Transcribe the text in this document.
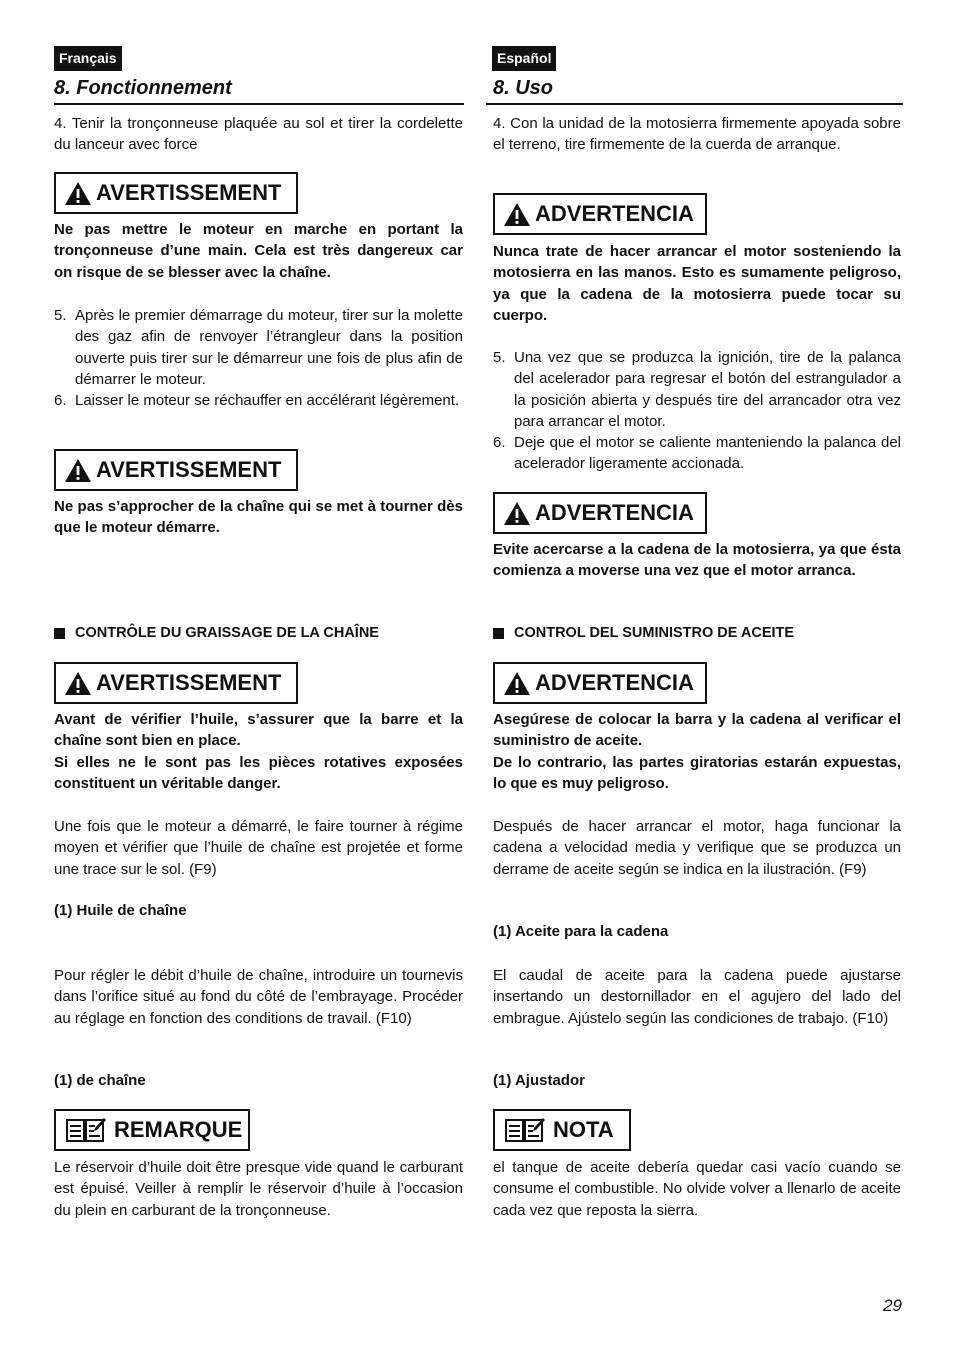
Français	Español
8. Fonctionnement	8. Uso
4. Tenir la tronçonneuse plaquée au sol et tirer la cordelette du lanceur avec force
AVERTISSEMENT
Ne pas mettre le moteur en marche en portant la tronçonneuse d’une main. Cela est très dangereux car on risque de se blesser avec la chaîne.
5. Après le premier démarrage du moteur, tirer sur la molette des gaz afin de renvoyer l’étrangleur dans la position ouverte puis tirer sur le démarreur une fois de plus afin de démarrer le moteur.
6. Laisser le moteur se réchauffer en accélérant légèrement.
AVERTISSEMENT
Ne pas s’approcher de la chaîne qui se met à tourner dès que le moteur démarre.
CONTRÔLE DU GRAISSAGE DE LA CHAÎNE
AVERTISSEMENT
Avant de vérifier l’huile, s’assurer que la barre et la chaîne sont bien en place.
Si elles ne le sont pas les pièces rotatives exposées constituent un véritable danger.
Une fois que le moteur a démarré, le faire tourner à régime moyen et vérifier que l’huile de chaîne est projetée et forme une trace sur le sol. (F9)
(1) Huile de chaîne
Pour régler le débit d’huile de chaîne, introduire un tournevis dans l’orifice situé au fond du côté de l’embrayage. Procéder au réglage en fonction des conditions de travail. (F10)
(1) de chaîne
REMARQUE
Le réservoir d’huile doit être presque vide quand le carburant est épuisé. Veiller à remplir le réservoir d’huile à l’occasion du plein en carburant de la tronçonneuse.
4. Con la unidad de la motosierra firmemente apoyada sobre el terreno, tire firmemente de la cuerda de arranque.
ADVERTENCIA
Nunca trate de hacer arrancar el motor sosteniendo la motosierra en las manos. Esto es sumamente peligroso, ya que la cadena de la motosierra puede tocar su cuerpo.
5. Una vez que se produzca la ignición, tire de la palanca del acelerador para regresar el botón del estrangulador a la posición abierta y después tire del arrancador otra vez para arrancar el motor.
6. Deje que el motor se caliente manteniendo la palanca del acelerador ligeramente accionada.
ADVERTENCIA
Evite acercarse a la cadena de la motosierra, ya que ésta comienza a moverse una vez que el motor arranca.
CONTROL DEL SUMINISTRO DE ACEITE
ADVERTENCIA
Asegúrese de colocar la barra y la cadena al verificar el suministro de aceite.
De lo contrario, las partes giratorias estarán expuestas, lo que es muy peligroso.
Después de hacer arrancar el motor, haga funcionar la cadena a velocidad media y verifique que se produzca un derrame de aceite según se indica en la ilustración. (F9)
(1) Aceite para la cadena
El caudal de aceite para la cadena puede ajustarse insertando un destornillador en el agujero del lado del embrague. Ajústelo según las condiciones de trabajo. (F10)
(1) Ajustador
NOTA
el tanque de aceite debería quedar casi vacío cuando se consume el combustible. No olvide volver a llenarlo de aceite cada vez que reposta la sierra.
29
